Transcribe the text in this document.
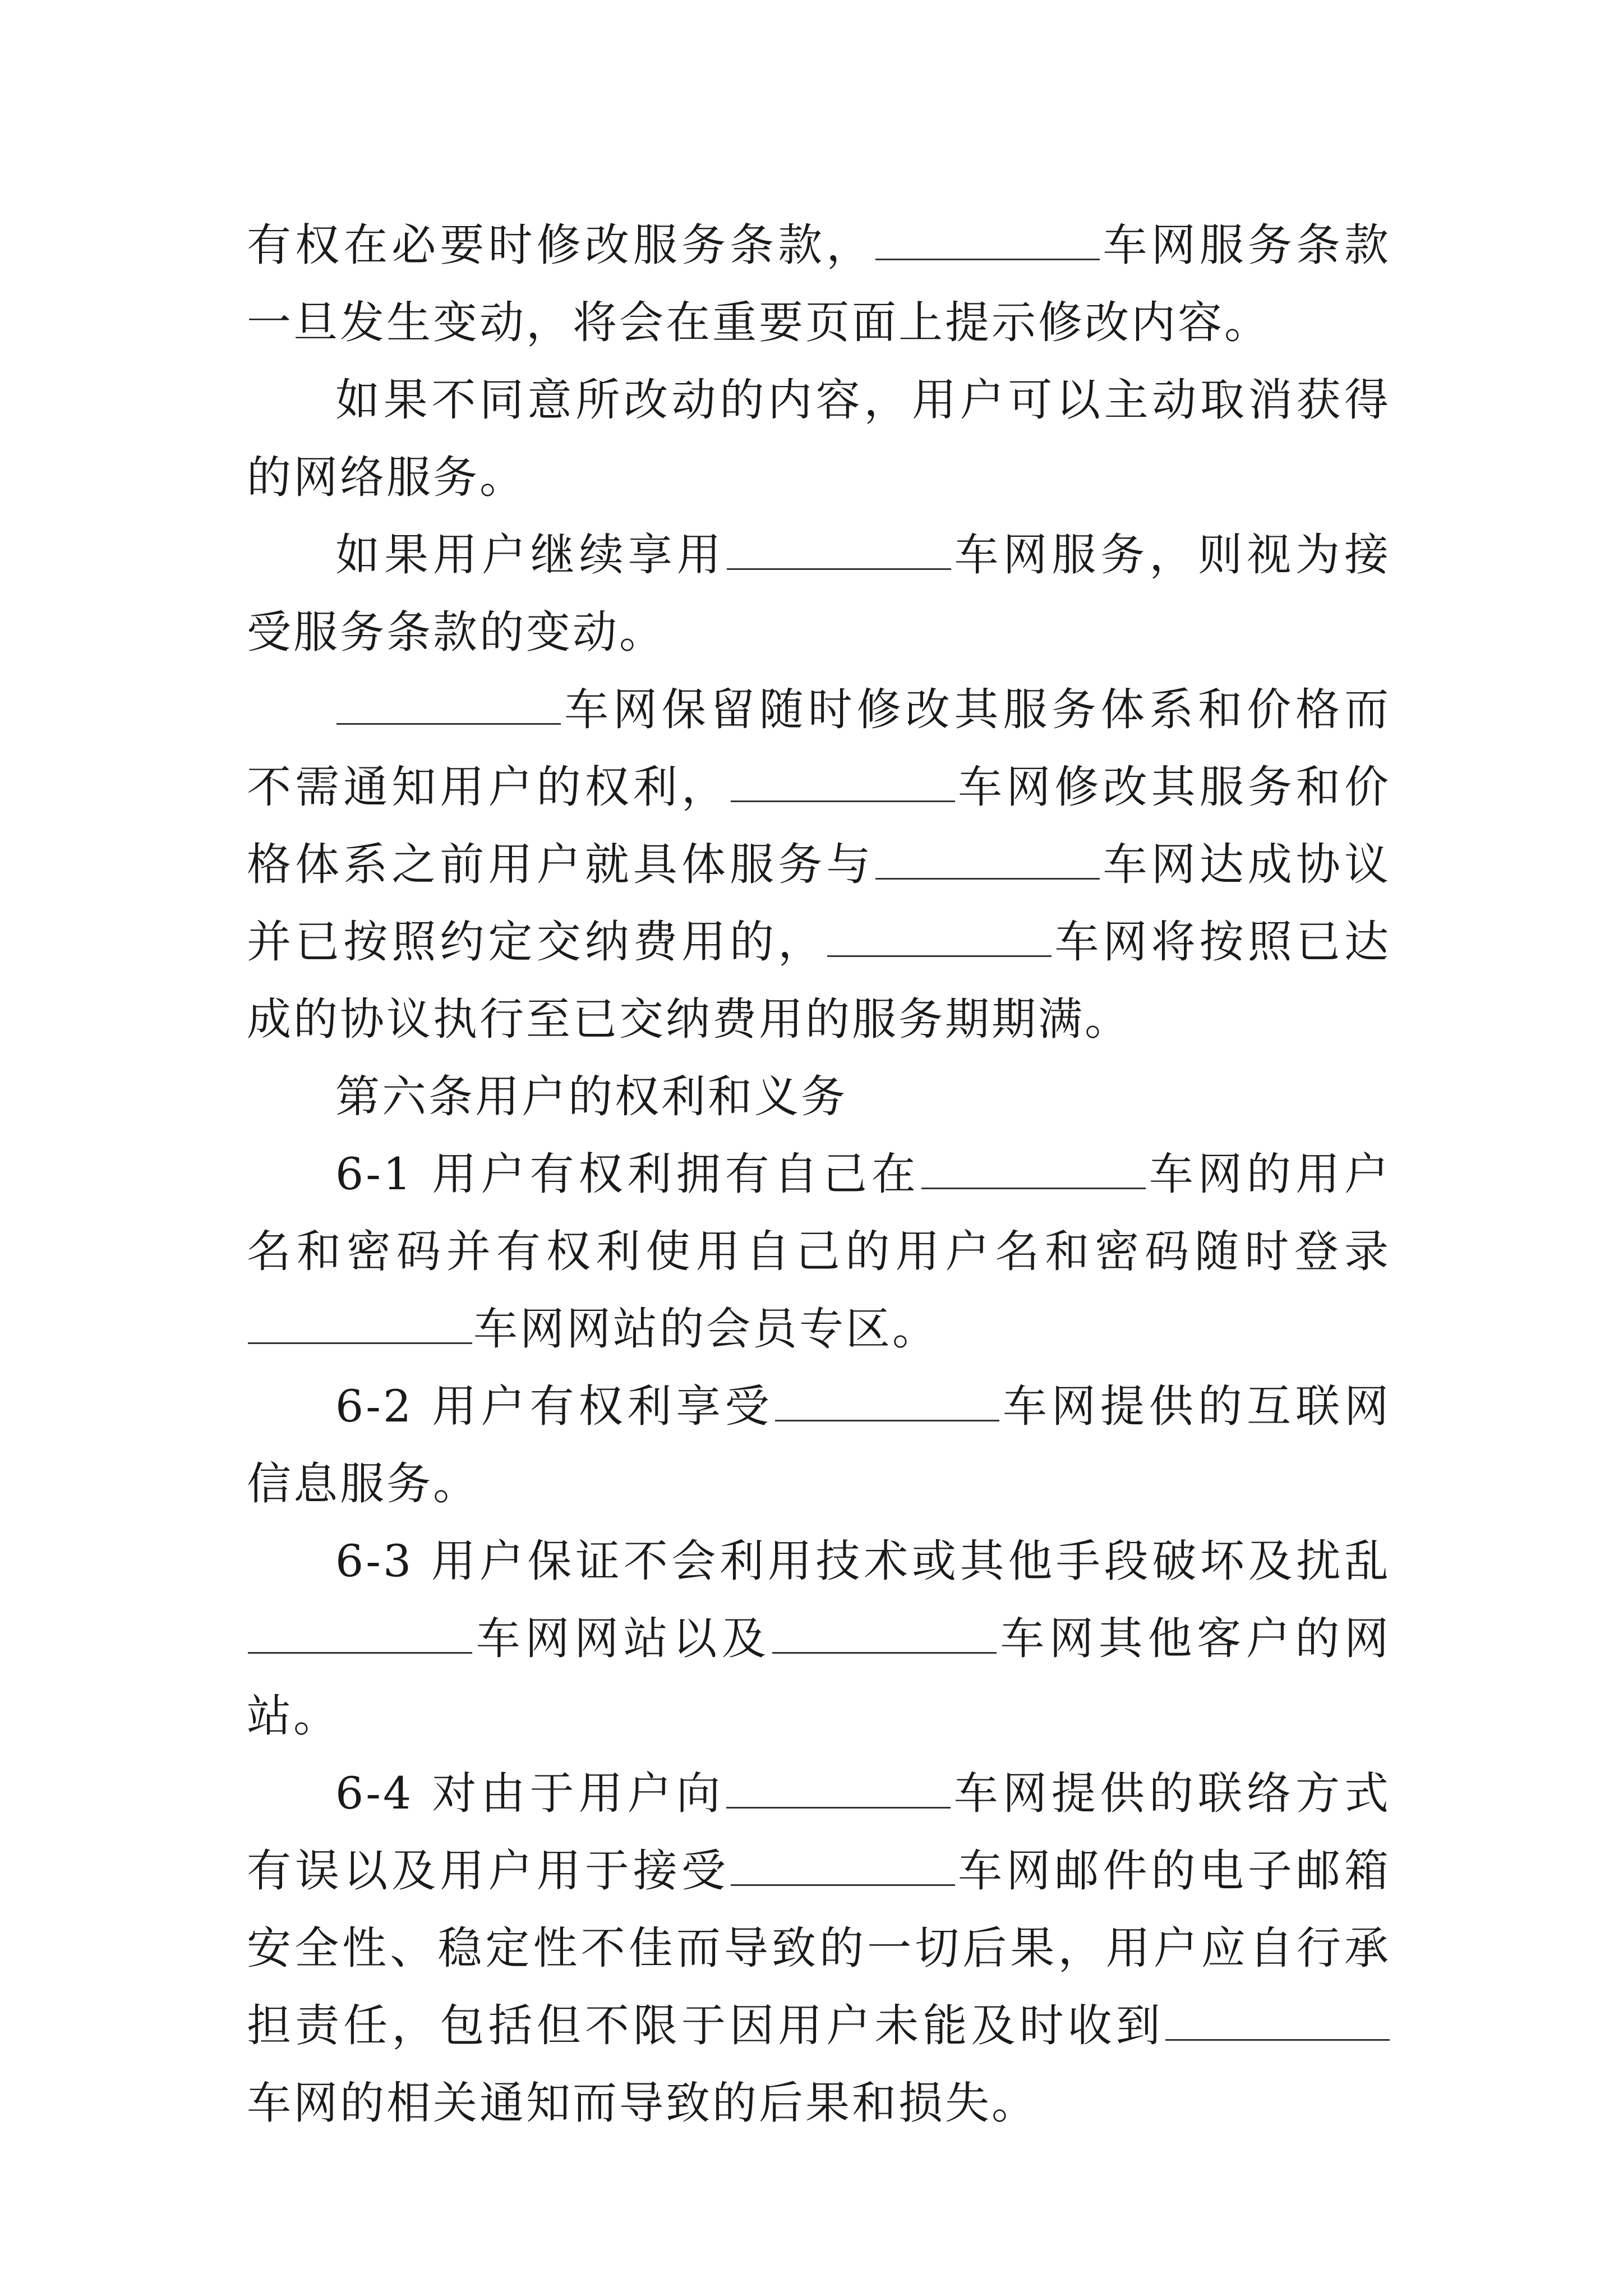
有权在必要时修改服务条款，	车网服务条款一旦发生变动，将会在重要页面上提示修改内容。

如果不同意所改动的内容，用户可以主动取消获得的网络服务。

如果用户继续享用	车网服务，则视为接受服务条款的变动。

车网保留随时修改其服务体系和价格而不需通知用户的权利，	车网修改其服务和价格体系之前用户就具体服务与	车网达成协议并已按照约定交纳费用的，	车网将按照已达成的协议执行至已交纳费用的服务期期满。

第六条用户的权利和义务

6-1 用户有权利拥有自己在	车网的用户名和密码并有权利使用自己的用户名和密码随时登录车网网站的会员专区。

6-2 用户有权利享受	车网提供的互联网信息服务。

6-3 用户保证不会利用技术或其他手段破坏及扰乱车网网站以及	车网其他客户的网站。

6-4 对由于用户向	车网提供的联络方式有误以及用户用于接受	车网邮件的电子邮箱安全性、稳定性不佳而导致的一切后果，用户应自行承担责任，包括但不限于因用户未能及时收到车网的相关通知而导致的后果和损失。
